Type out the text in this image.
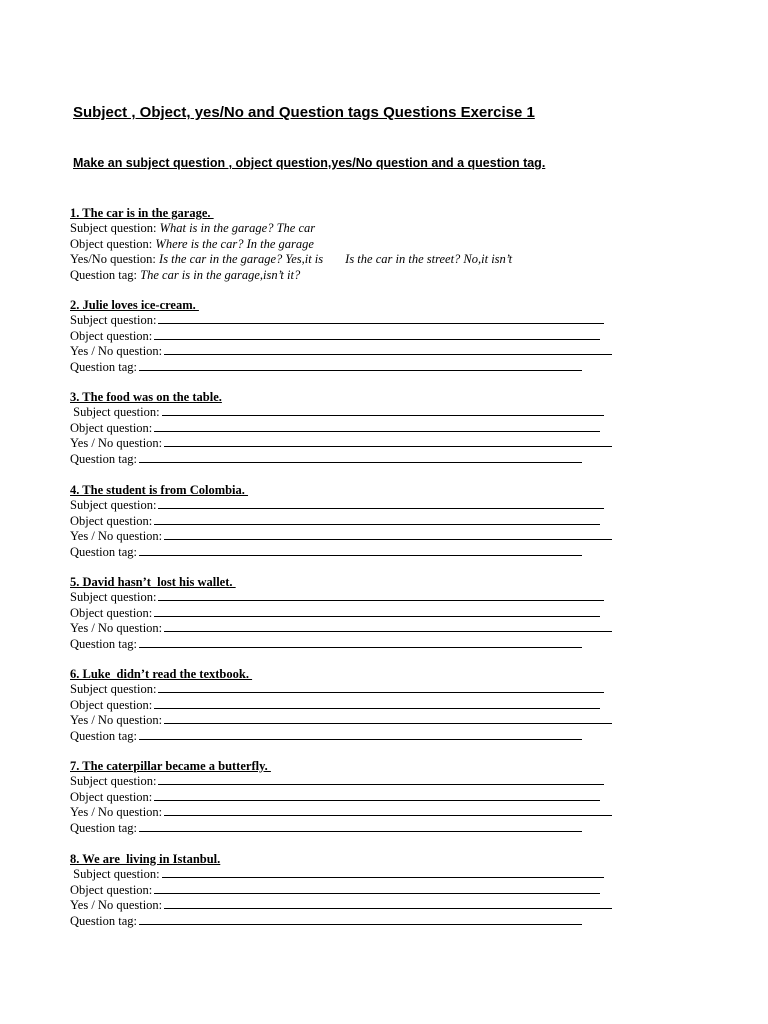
Subject , Object, yes/No and Question tags Questions Exercise 1
Make an subject question , object question,yes/No question and a question tag.
1. The car is in the garage.
Subject question:
What is in the garage? The car
Object question:
Where is the car? In the garage
Yes/No question:
Is the car in the garage? Yes,it is Is the car in the street? No,it isn’t
Question tag:
The car is in the garage,isn’t it?
2. Julie loves ice-cream.
Subject question:
Object question:
Yes / No question:
Question tag:
3. The food was on the table.
Subject question:
Object question:
Yes / No question:
Question tag:
4. The student is from Colombia.
Subject question:
Object question:
Yes / No question:
Question tag:
5. David hasn’t  lost his wallet.
Subject question:
Object question:
Yes / No question:
Question tag:
6. Luke  didn’t read the textbook.
Subject question:
Object question:
Yes / No question:
Question tag:
7. The caterpillar became a butterfly.
Subject question:
Object question:
Yes / No question:
Question tag:
8. We are  living in Istanbul.
Subject question:
Object question:
Yes / No question:
Question tag:
